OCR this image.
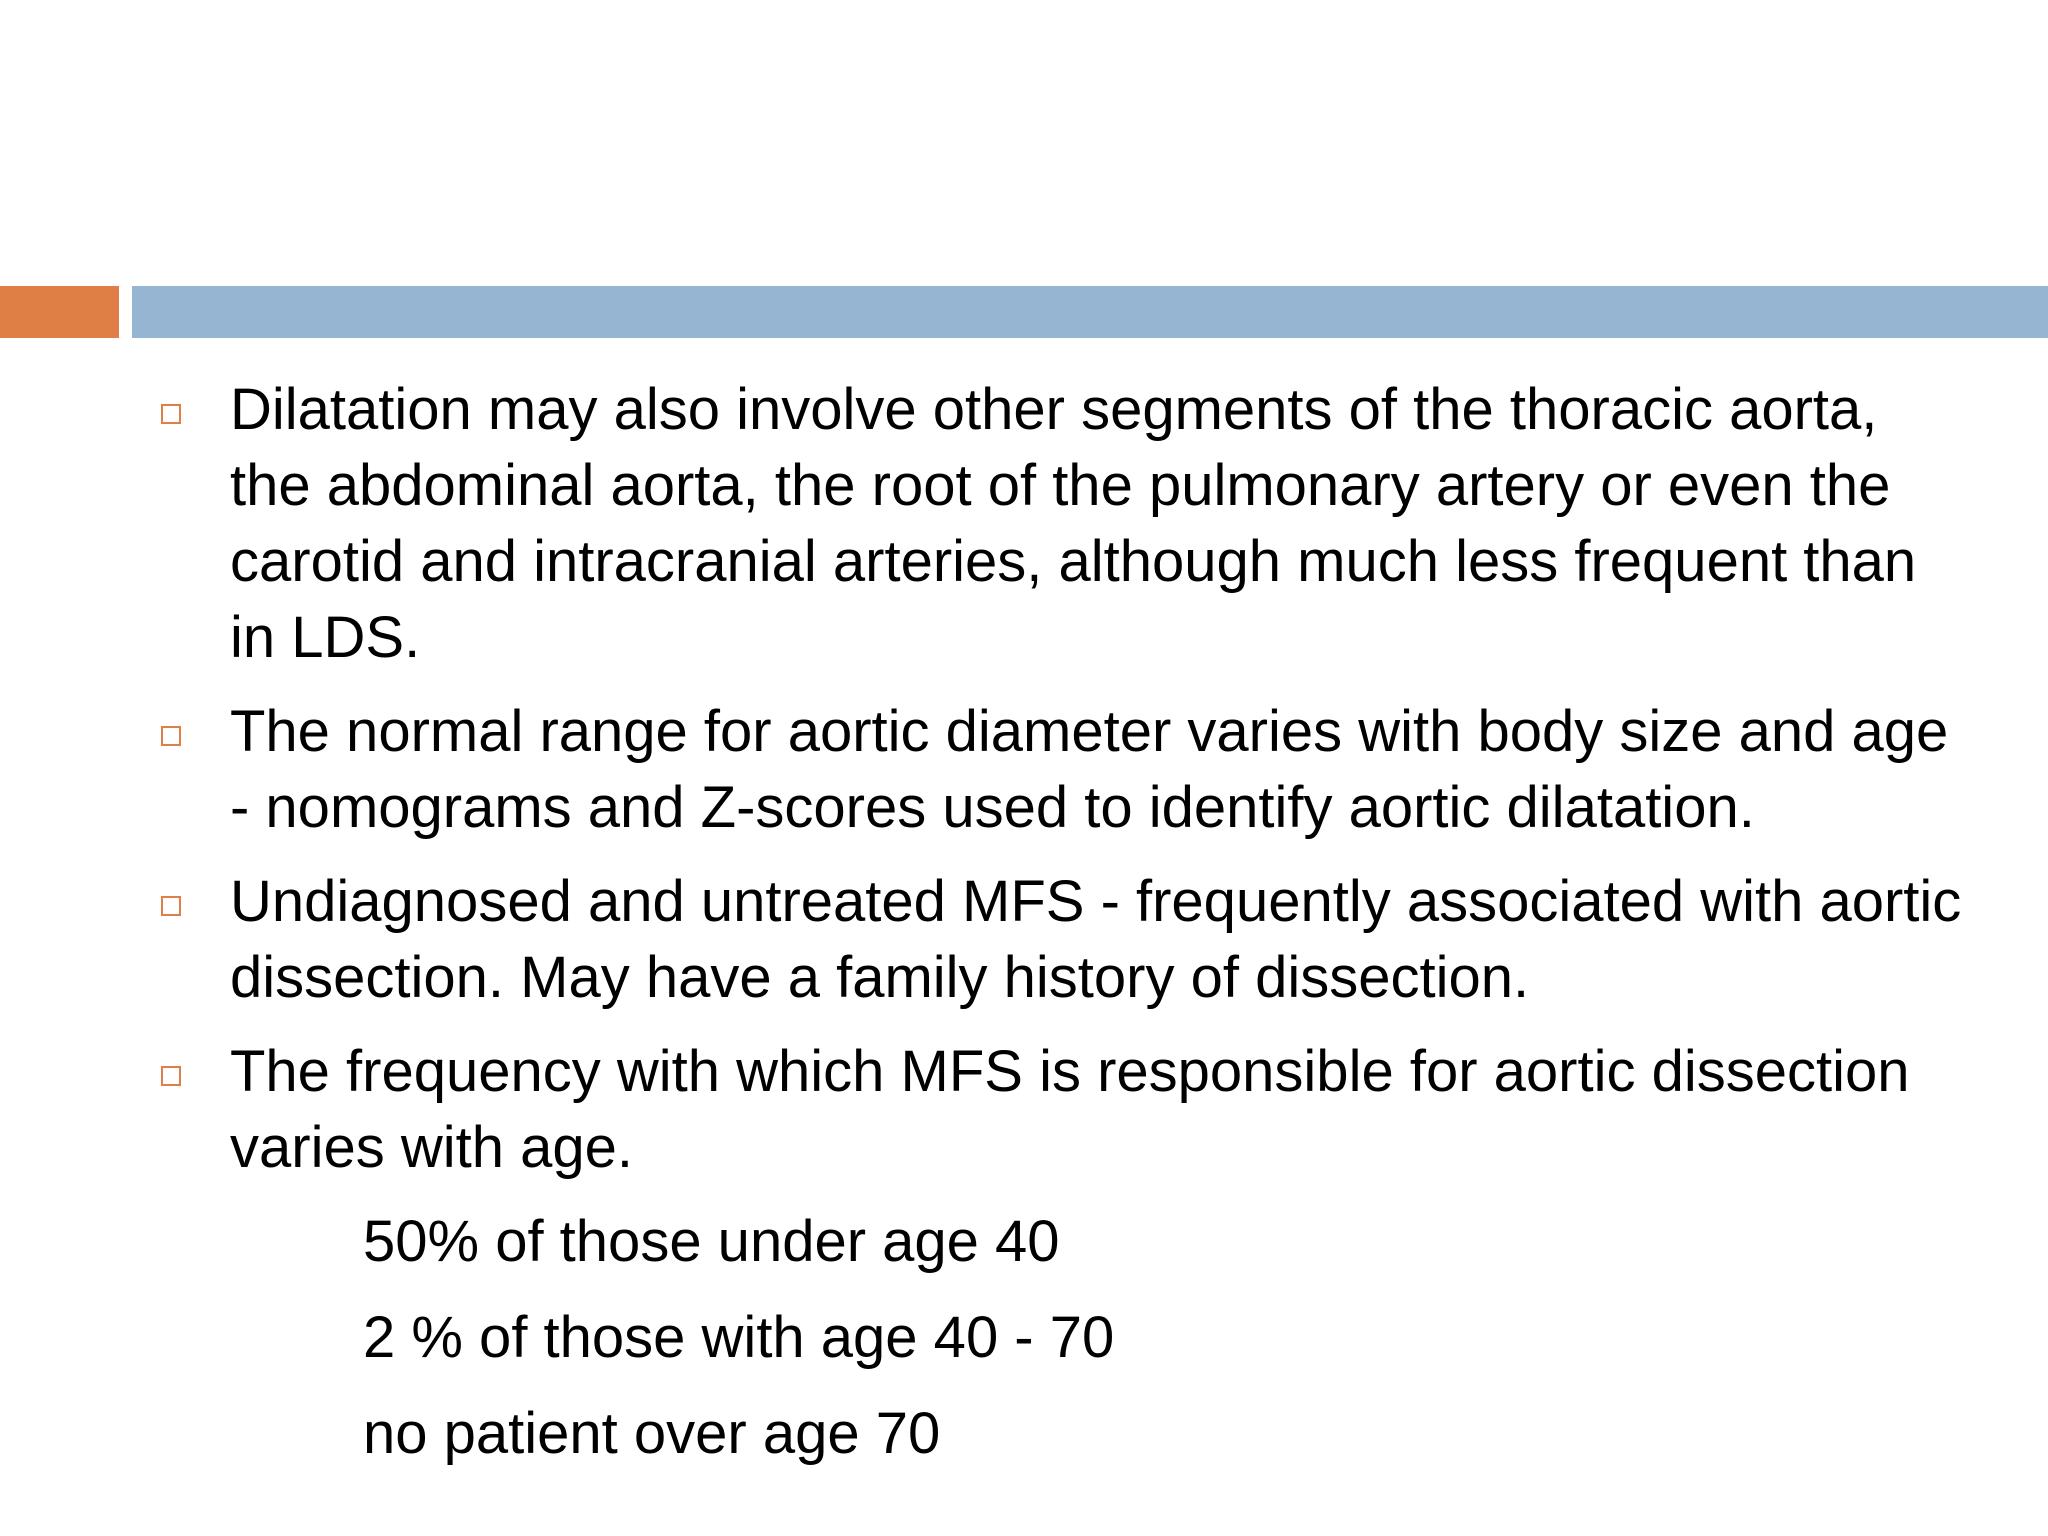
Dilatation may also involve other segments of the thoracic aorta, the abdominal aorta, the root of the pulmonary artery or even the carotid and intracranial arteries, although much less frequent than in LDS.
The normal range for aortic diameter varies with body size and age - nomograms and Z-scores used to identify aortic dilatation.
Undiagnosed and untreated MFS - frequently associated with aortic dissection. May have a family history of dissection.
The frequency with which MFS is responsible for aortic dissection varies with age.
50% of those under age 40
2 % of those with age 40 - 70
no patient over age 70
